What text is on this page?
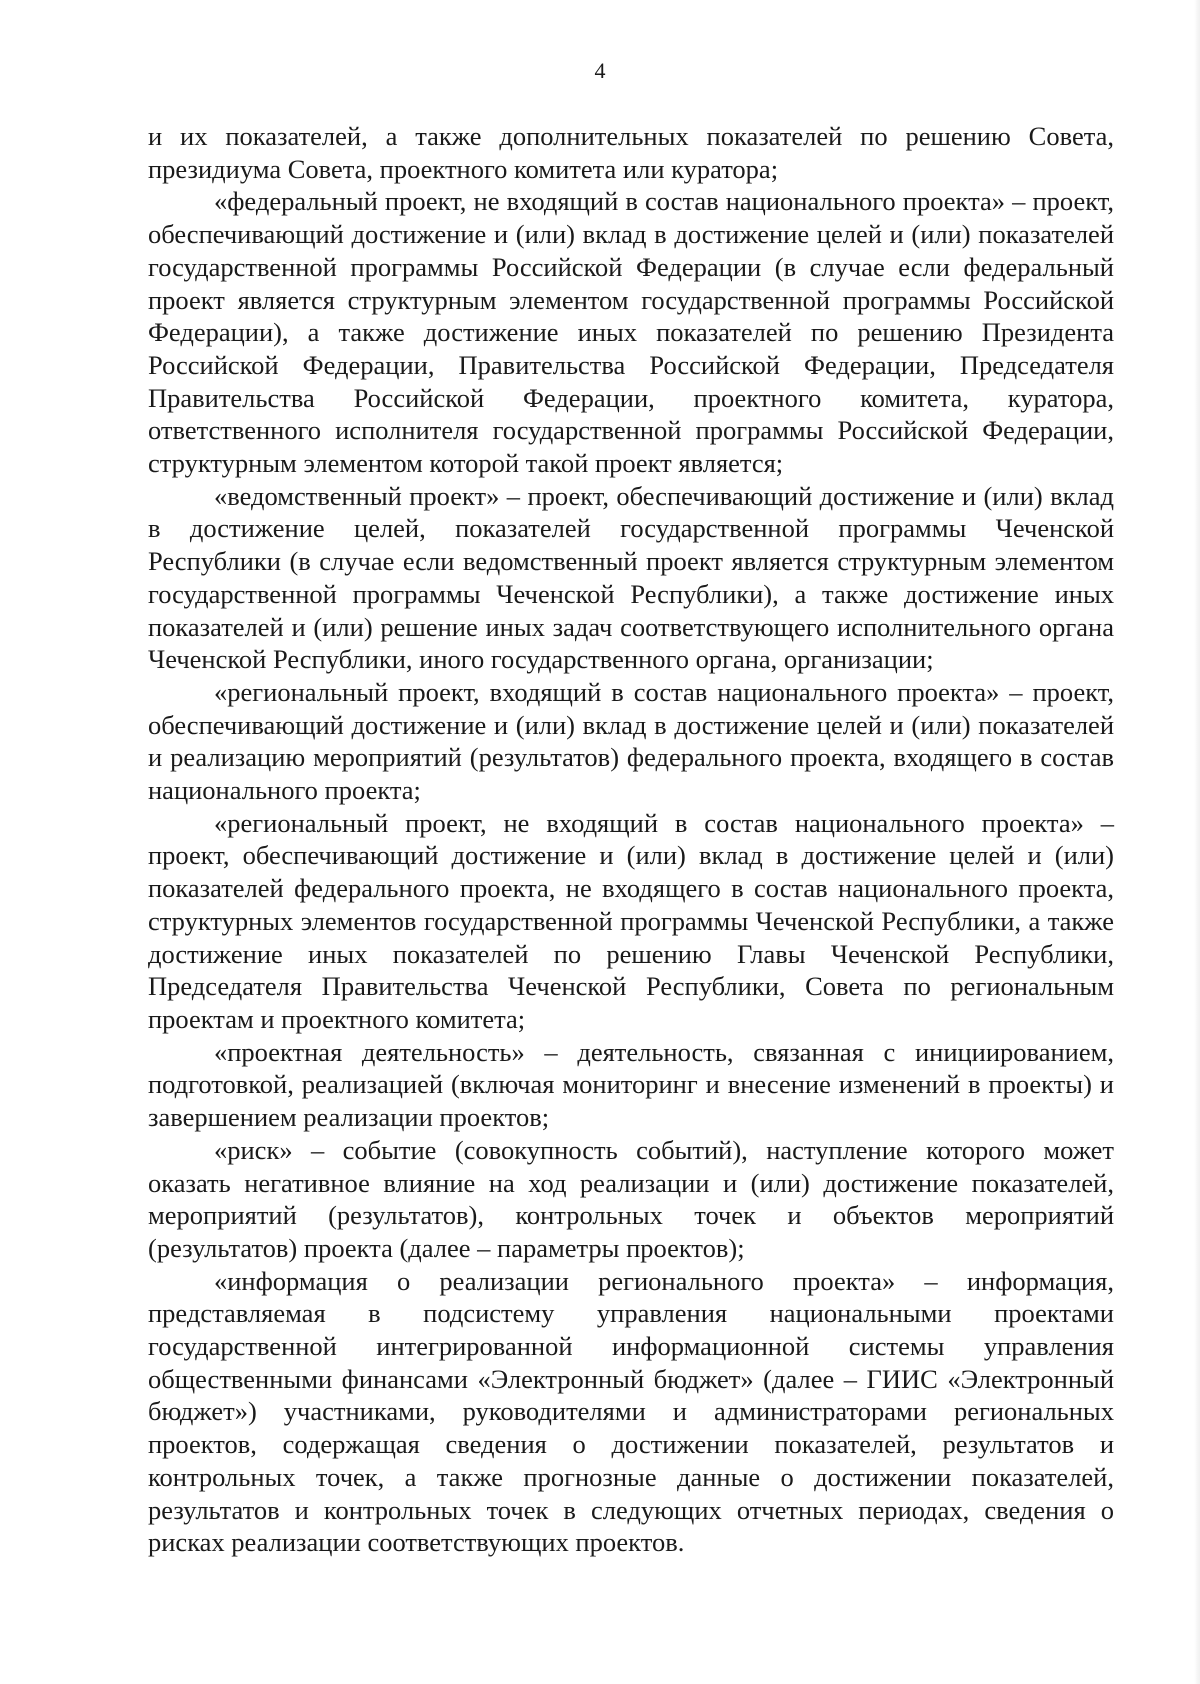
4

и их показателей, а также дополнительных показателей по решению Совета, президиума Совета, проектного комитета или куратора;

«федеральный проект, не входящий в состав национального проекта» – проект, обеспечивающий достижение и (или) вклад в достижение целей и (или) показателей государственной программы Российской Федерации (в случае если федеральный проект является структурным элементом государственной программы Российской Федерации), а также достижение иных показателей по решению Президента Российской Федерации, Правительства Российской Федерации, Председателя Правительства Российской Федерации, проектного комитета, куратора, ответственного исполнителя государственной программы Российской Федерации, структурным элементом которой такой проект является;

«ведомственный проект» – проект, обеспечивающий достижение и (или) вклад в достижение целей, показателей государственной программы Чеченской Республики (в случае если ведомственный проект является структурным элементом государственной программы Чеченской Республики), а также достижение иных показателей и (или) решение иных задач соответствующего исполнительного органа Чеченской Республики, иного государственного органа, организации;

«региональный проект, входящий в состав национального проекта» – проект, обеспечивающий достижение и (или) вклад в достижение целей и (или) показателей и реализацию мероприятий (результатов) федерального проекта, входящего в состав национального проекта;

«региональный проект, не входящий в состав национального проекта» – проект, обеспечивающий достижение и (или) вклад в достижение целей и (или) показателей федерального проекта, не входящего в состав национального проекта, структурных элементов государственной программы Чеченской Республики, а также достижение иных показателей по решению Главы Чеченской Республики, Председателя Правительства Чеченской Республики, Совета по региональным проектам и проектного комитета;

«проектная деятельность» – деятельность, связанная с инициированием, подготовкой, реализацией (включая мониторинг и внесение изменений в проекты) и завершением реализации проектов;

«риск» – событие (совокупность событий), наступление которого может оказать негативное влияние на ход реализации и (или) достижение показателей, мероприятий (результатов), контрольных точек и объектов мероприятий (результатов) проекта (далее – параметры проектов);

«информация о реализации регионального проекта» – информация, представляемая в подсистему управления национальными проектами государственной интегрированной информационной системы управления общественными финансами «Электронный бюджет» (далее – ГИИС «Электронный бюджет») участниками, руководителями и администраторами региональных проектов, содержащая сведения о достижении показателей, результатов и контрольных точек, а также прогнозные данные о достижении показателей, результатов и контрольных точек в следующих отчетных периодах, сведения о рисках реализации соответствующих проектов.
